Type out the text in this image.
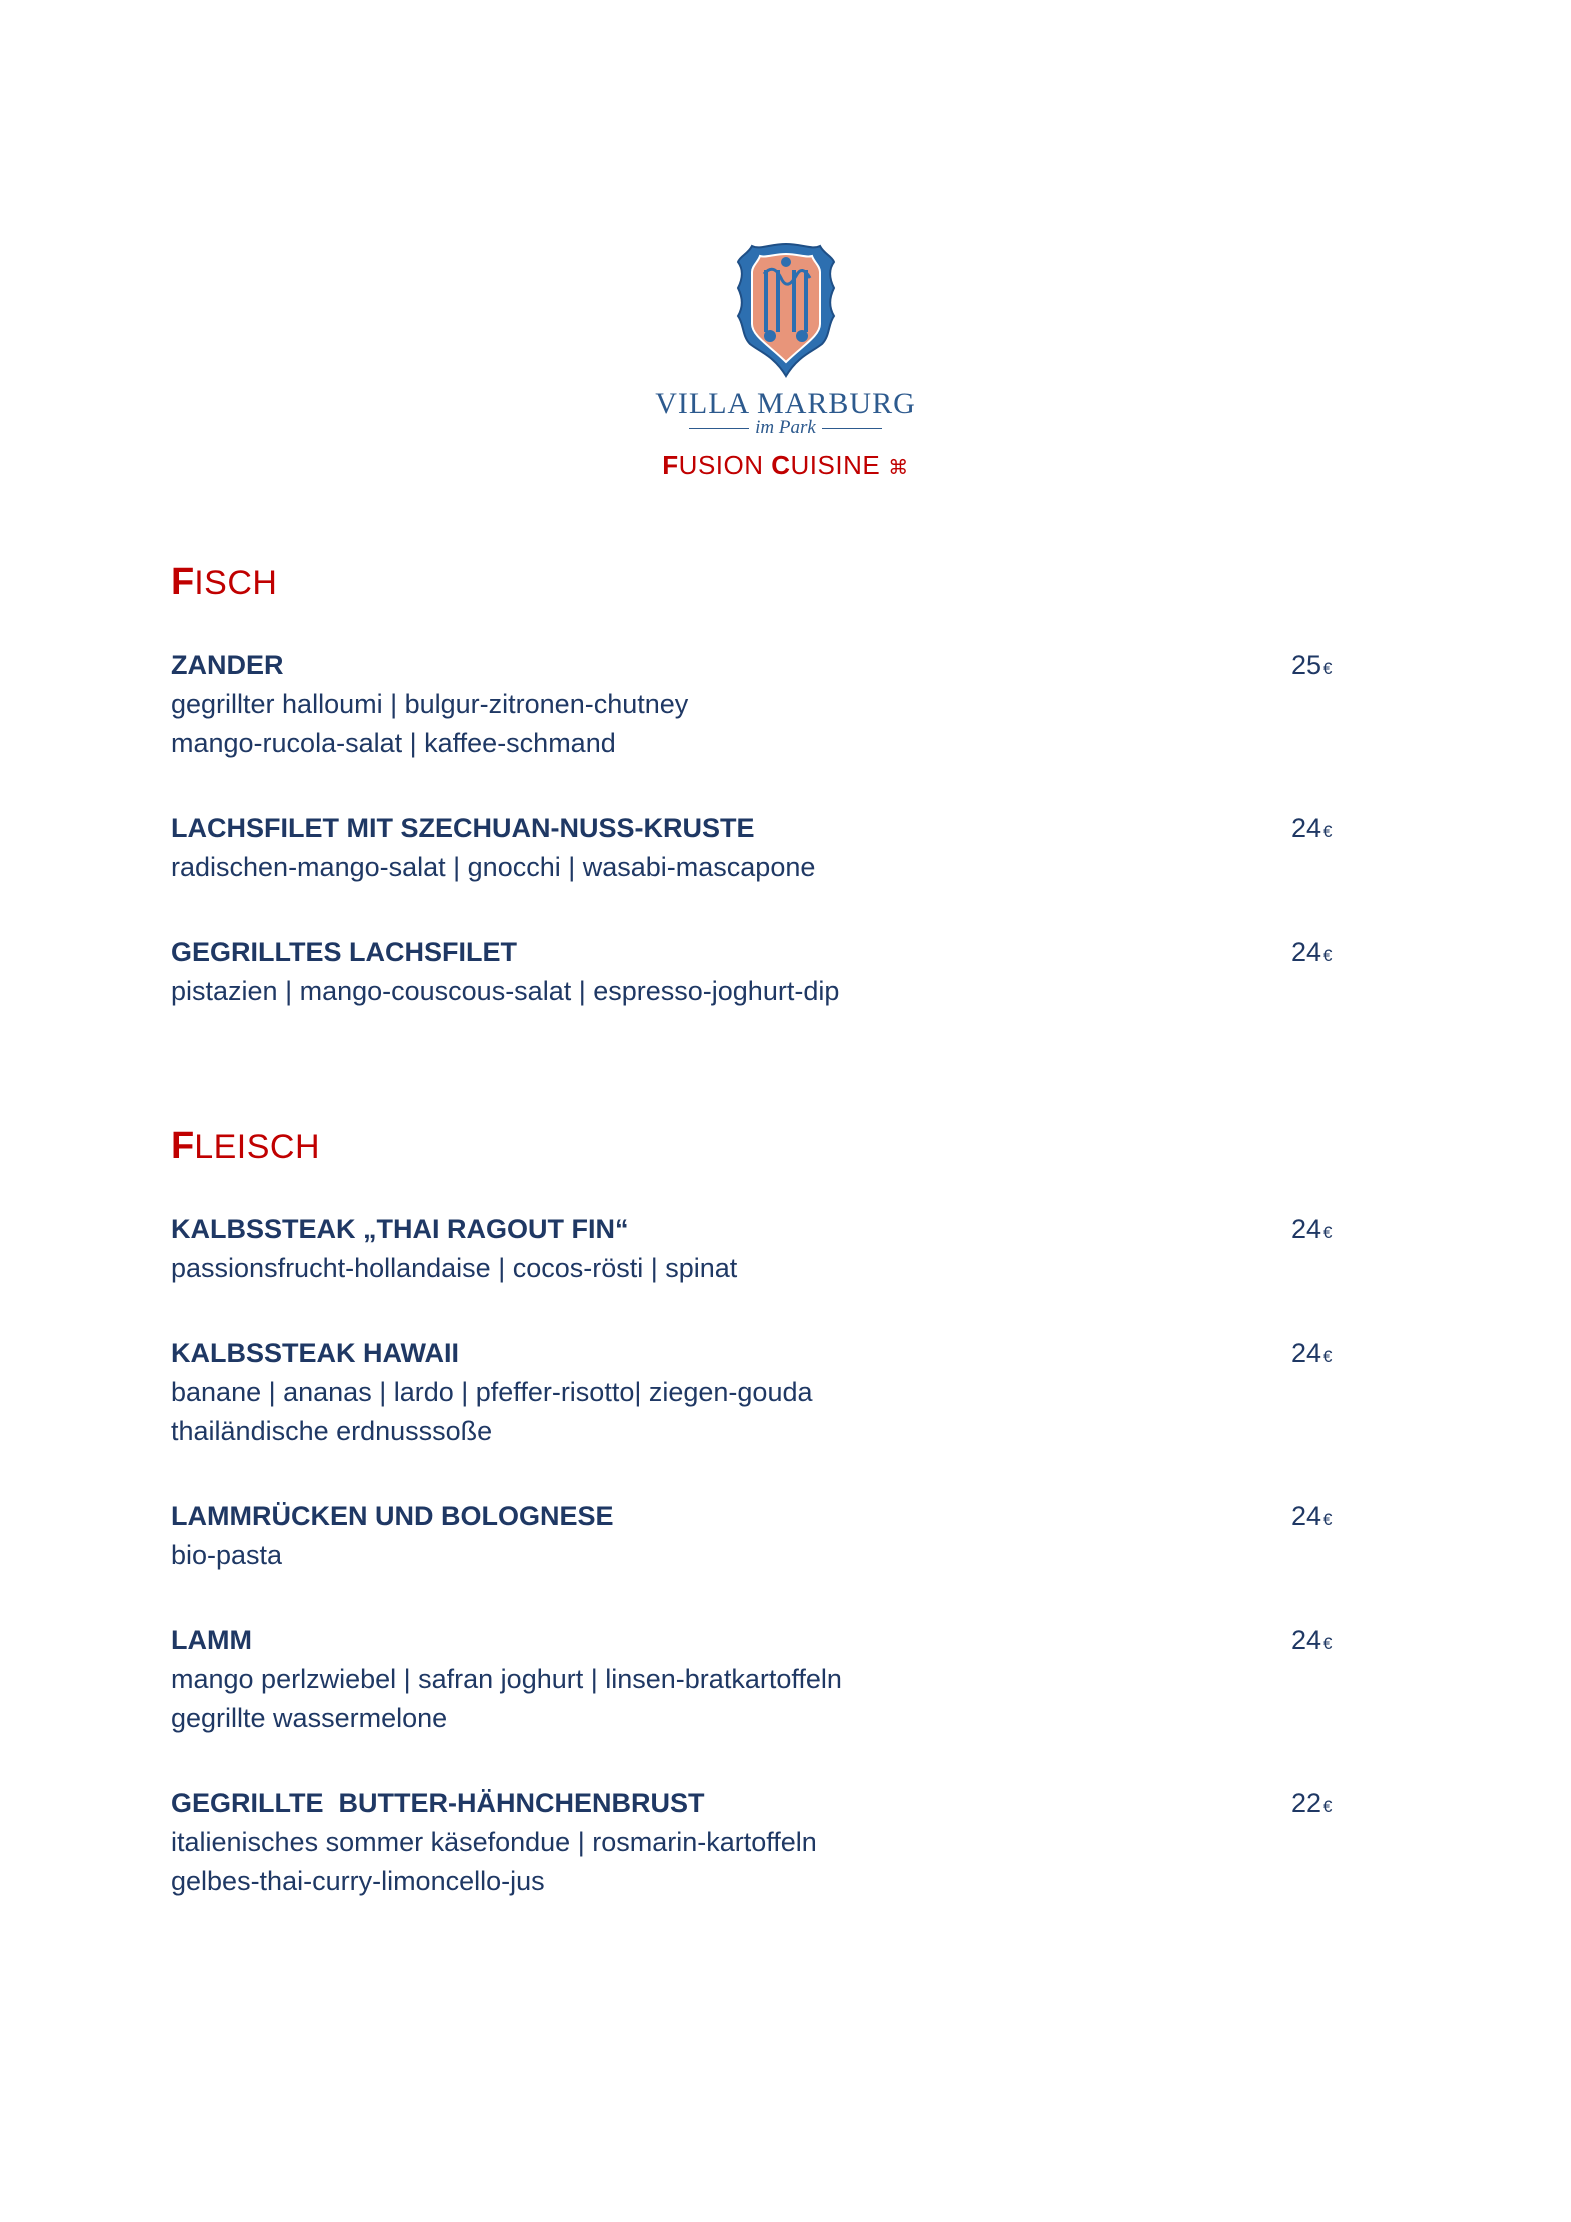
VILLA MARBURG
im Park
FUSION CUISINE ⌘
FISCH
ZANDER
gegrillter halloumi | bulgur-zitronen-chutney
mango-rucola-salat | kaffee-schmand
25 €
LACHSFILET MIT SZECHUAN-NUSS-KRUSTE
radischen-mango-salat | gnocchi | wasabi-mascapone
24 €
GEGRILLTES LACHSFILET
pistazien | mango-couscous-salat | espresso-joghurt-dip
24 €
FLEISCH
KALBSSTEAK „THAI RAGOUT FIN“
passionsfrucht-hollandaise | cocos-rösti | spinat
24 €
KALBSSTEAK HAWAII
banane | ananas | lardo | pfeffer-risotto| ziegen-gouda
thailändische erdnusssoße
24 €
LAMMRÜCKEN UND BOLOGNESE
bio-pasta
24 €
LAMM
mango perlzwiebel | safran joghurt | linsen-bratkartoffeln
gegrillte wassermelone
24 €
GEGRILLTE  BUTTER-HÄHNCHENBRUST
italienisches sommer käsefondue | rosmarin-kartoffeln
gelbes-thai-curry-limoncello-jus
22 €
